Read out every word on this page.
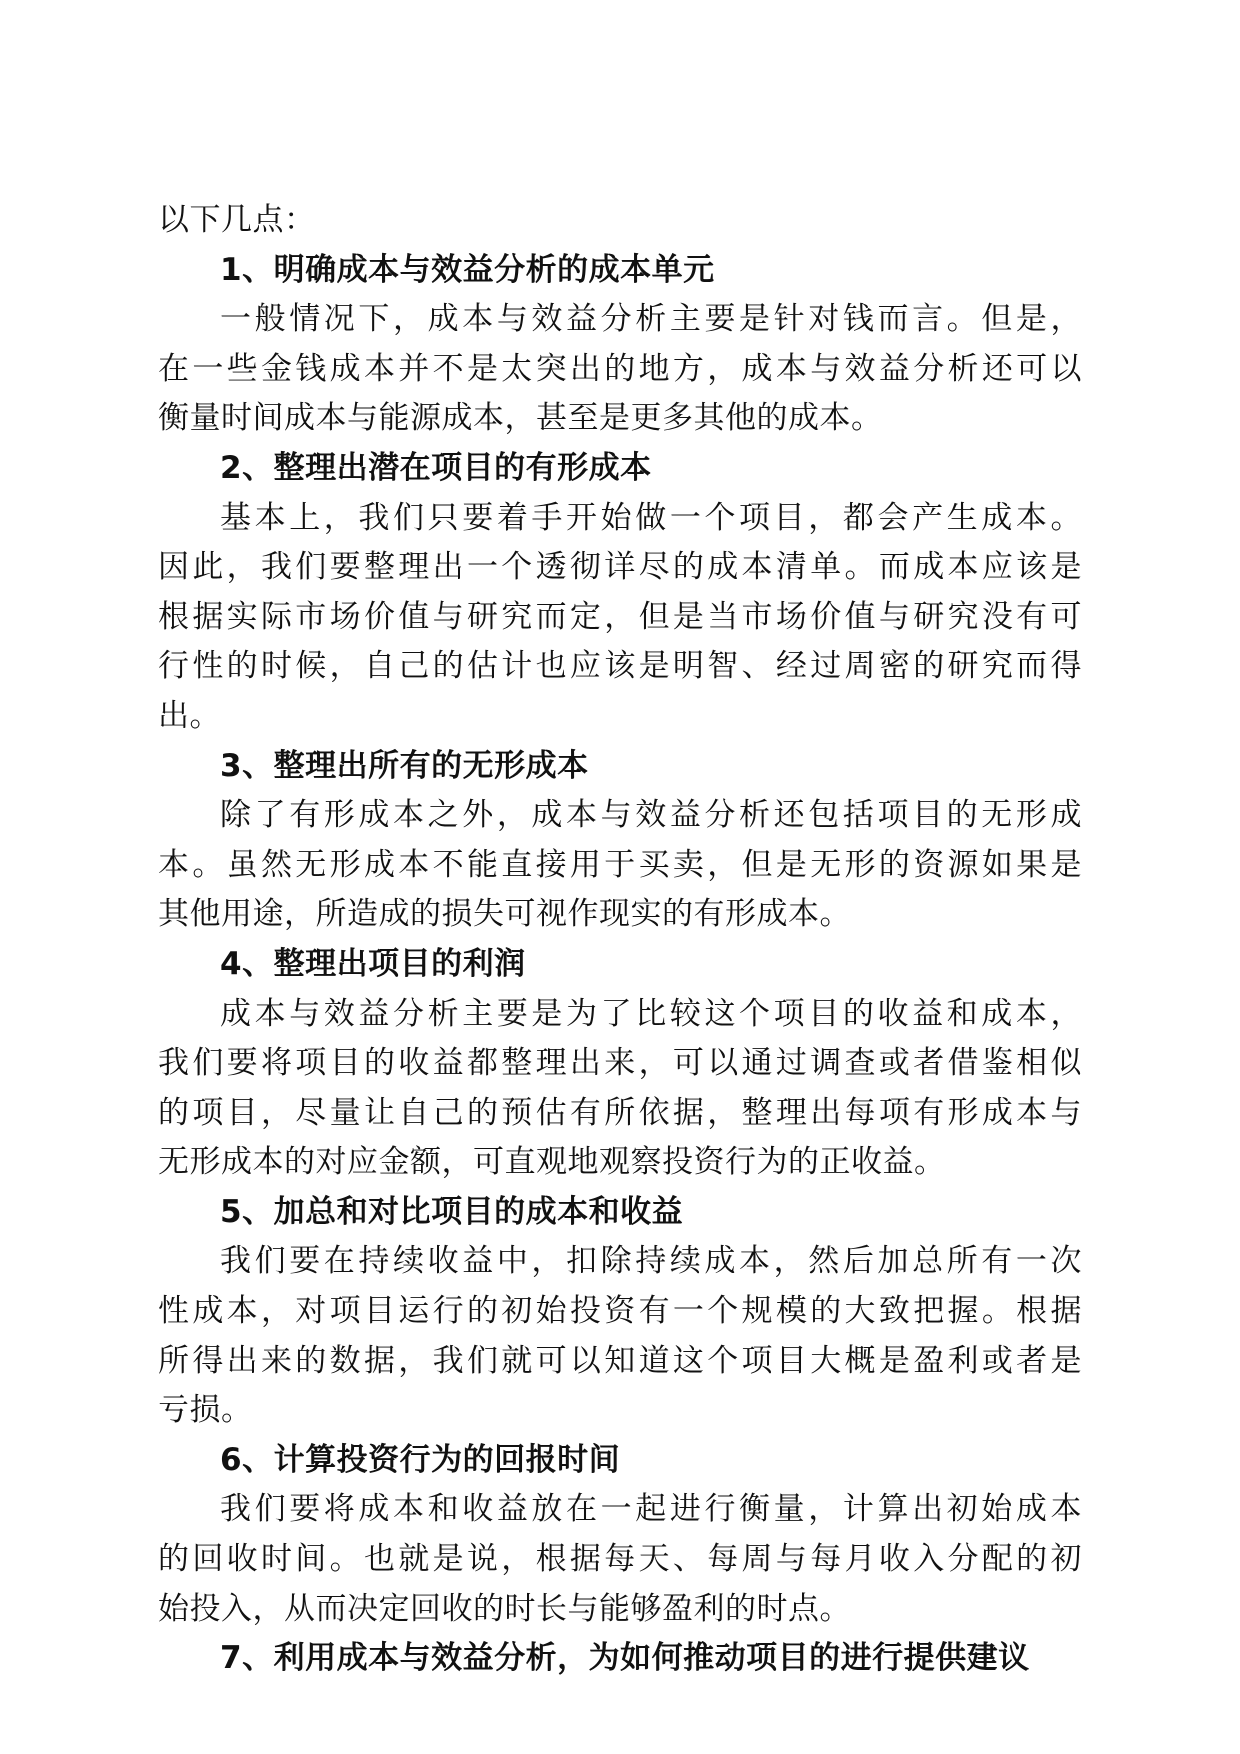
以下几点：
1、明确成本与效益分析的成本单元
一般情况下，成本与效益分析主要是针对钱而言。但是，
在一些金钱成本并不是太突出的地方，成本与效益分析还可以
衡量时间成本与能源成本，甚至是更多其他的成本。
2、整理出潜在项目的有形成本
基本上，我们只要着手开始做一个项目，都会产生成本。
因此，我们要整理出一个透彻详尽的成本清单。而成本应该是
根据实际市场价值与研究而定，但是当市场价值与研究没有可
行性的时候，自己的估计也应该是明智、经过周密的研究而得
出。
3、整理出所有的无形成本
除了有形成本之外，成本与效益分析还包括项目的无形成
本。虽然无形成本不能直接用于买卖，但是无形的资源如果是
其他用途，所造成的损失可视作现实的有形成本。
4、整理出项目的利润
成本与效益分析主要是为了比较这个项目的收益和成本，
我们要将项目的收益都整理出来，可以通过调查或者借鉴相似
的项目，尽量让自己的预估有所依据，整理出每项有形成本与
无形成本的对应金额，可直观地观察投资行为的正收益。
5、加总和对比项目的成本和收益
我们要在持续收益中，扣除持续成本，然后加总所有一次
性成本，对项目运行的初始投资有一个规模的大致把握。根据
所得出来的数据，我们就可以知道这个项目大概是盈利或者是
亏损。
6、计算投资行为的回报时间
我们要将成本和收益放在一起进行衡量，计算出初始成本
的回收时间。也就是说，根据每天、每周与每月收入分配的初
始投入，从而决定回收的时长与能够盈利的时点。
7、利用成本与效益分析，为如何推动项目的进行提供建议
